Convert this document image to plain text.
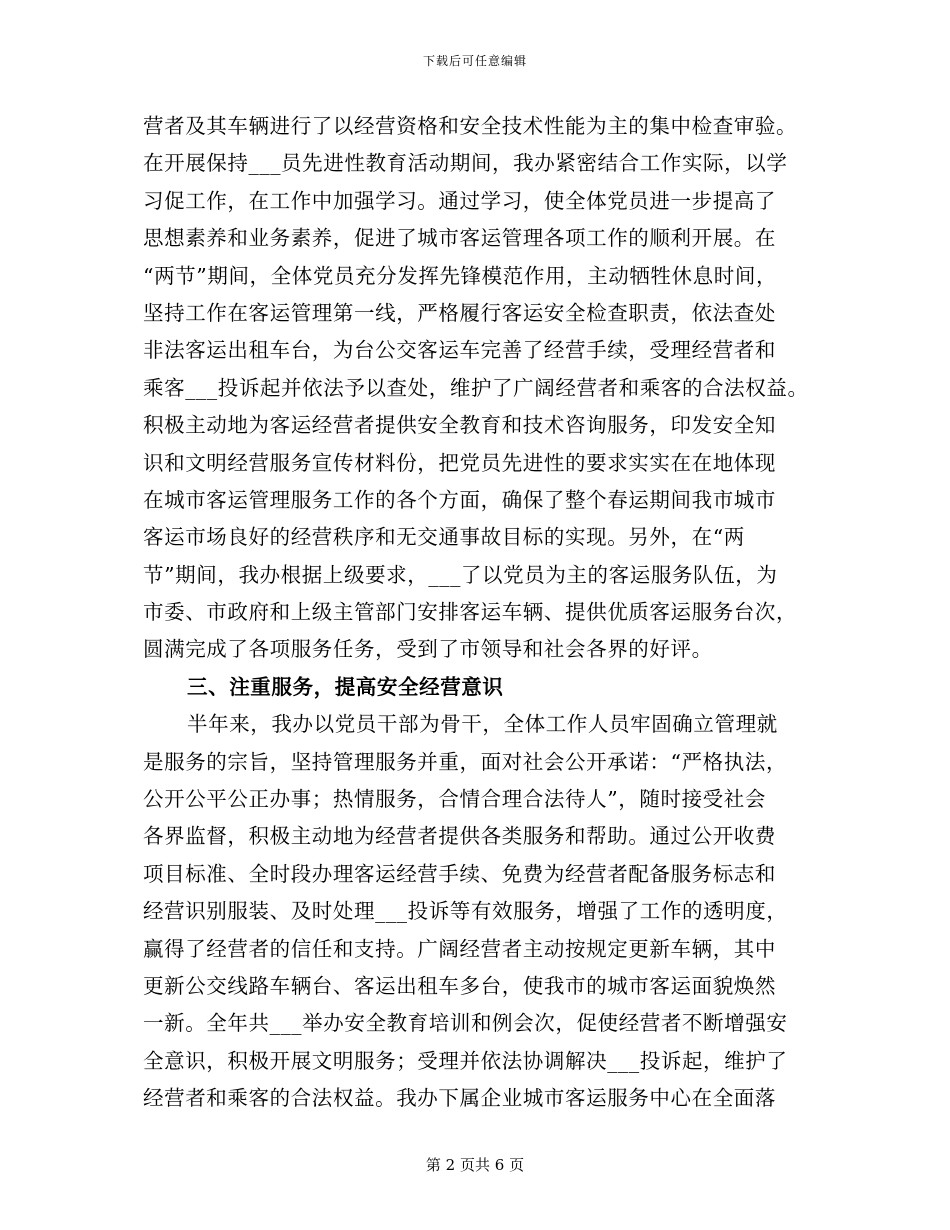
下载后可任意编辑
营者及其车辆进行了以经营资格和安全技术性能为主的集中检查审验。
在开展保持___员先进性教育活动期间，我办紧密结合工作实际，以学
习促工作，在工作中加强学习。通过学习，使全体党员进一步提高了
思想素养和业务素养，促进了城市客运管理各项工作的顺利开展。在
“两节”期间，全体党员充分发挥先锋模范作用，主动牺牲休息时间，
坚持工作在客运管理第一线，严格履行客运安全检查职责，依法查处
非法客运出租车台，为台公交客运车完善了经营手续，受理经营者和
乘客___投诉起并依法予以查处，维护了广阔经营者和乘客的合法权益。
积极主动地为客运经营者提供安全教育和技术咨询服务，印发安全知
识和文明经营服务宣传材料份，把党员先进性的要求实实在在地体现
在城市客运管理服务工作的各个方面，确保了整个春运期间我市城市
客运市场良好的经营秩序和无交通事故目标的实现。另外，在“两
节”期间，我办根据上级要求，___了以党员为主的客运服务队伍，为
市委、市政府和上级主管部门安排客运车辆、提供优质客运服务台次，
圆满完成了各项服务任务，受到了市领导和社会各界的好评。
三、注重服务，提高安全经营意识
半年来，我办以党员干部为骨干，全体工作人员牢固确立管理就
是服务的宗旨，坚持管理服务并重，面对社会公开承诺：“严格执法，
公开公平公正办事；热情服务，合情合理合法待人”，随时接受社会
各界监督，积极主动地为经营者提供各类服务和帮助。通过公开收费
项目标准、全时段办理客运经营手续、免费为经营者配备服务标志和
经营识别服装、及时处理___投诉等有效服务，增强了工作的透明度，
赢得了经营者的信任和支持。广阔经营者主动按规定更新车辆，其中
更新公交线路车辆台、客运出租车多台，使我市的城市客运面貌焕然
一新。全年共___举办安全教育培训和例会次，促使经营者不断增强安
全意识，积极开展文明服务；受理并依法协调解决___投诉起，维护了
经营者和乘客的合法权益。我办下属企业城市客运服务中心在全面落
第 2 页共 6 页
